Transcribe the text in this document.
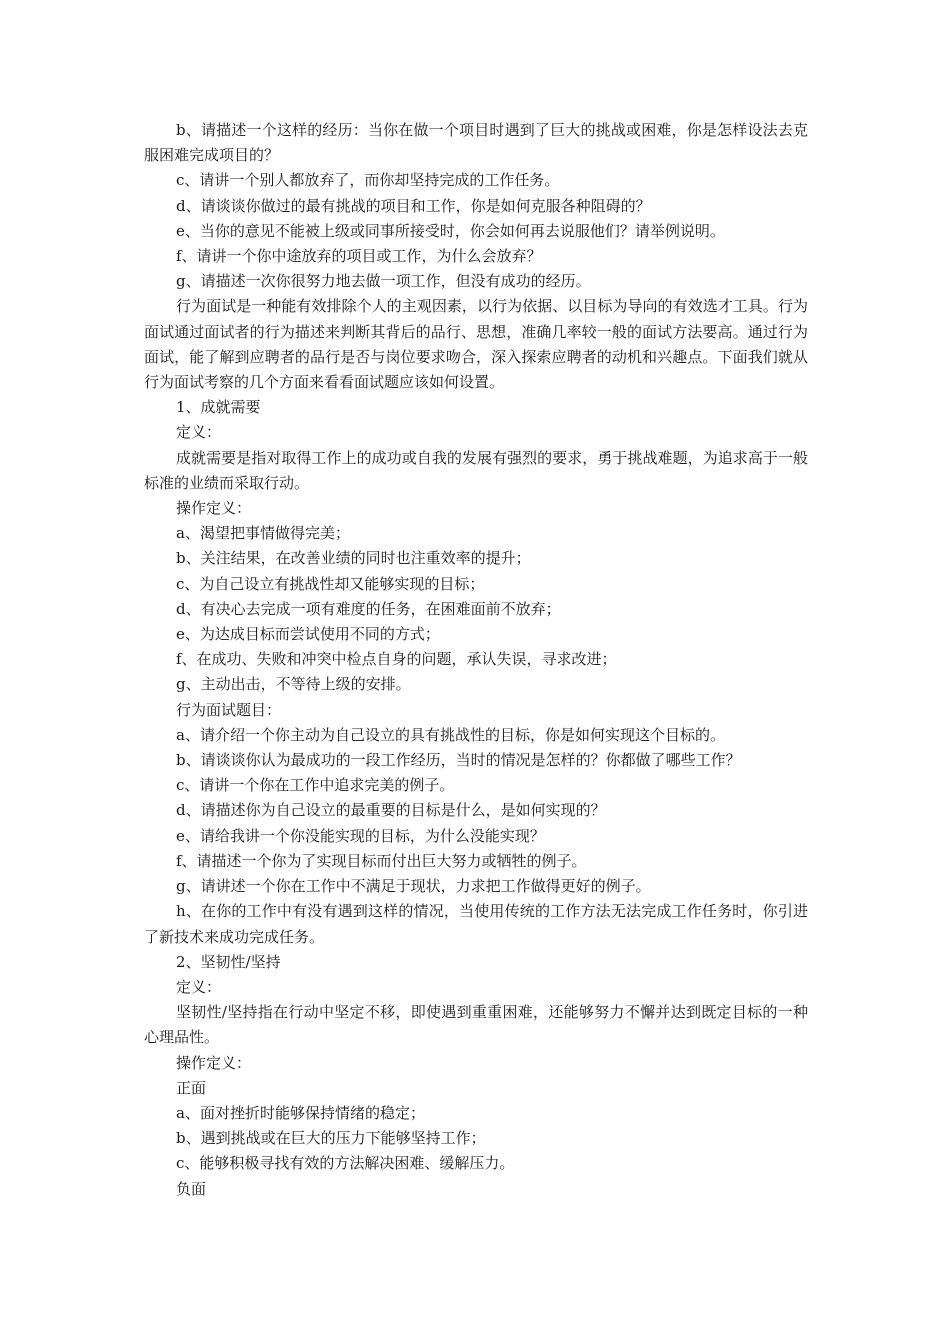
b、请描述一个这样的经历：当你在做一个项目时遇到了巨大的挑战或困难，你是怎样设法去克服困难完成项目的？

c、请讲一个别人都放弃了，而你却坚持完成的工作任务。

d、请谈谈你做过的最有挑战的项目和工作，你是如何克服各种阻碍的？

e、当你的意见不能被上级或同事所接受时，你会如何再去说服他们？请举例说明。

f、请讲一个你中途放弃的项目或工作，为什么会放弃？

g、请描述一次你很努力地去做一项工作，但没有成功的经历。

行为面试是一种能有效排除个人的主观因素，以行为依据、以目标为导向的有效选才工具。行为面试通过面试者的行为描述来判断其背后的品行、思想，准确几率较一般的面试方法要高。通过行为面试，能了解到应聘者的品行是否与岗位要求吻合，深入探索应聘者的动机和兴趣点。下面我们就从行为面试考察的几个方面来看看面试题应该如何设置。

1、成就需要

定义：

成就需要是指对取得工作上的成功或自我的发展有强烈的要求，勇于挑战难题，为追求高于一般标准的业绩而采取行动。

操作定义：

a、渴望把事情做得完美；

b、关注结果，在改善业绩的同时也注重效率的提升；

c、为自己设立有挑战性却又能够实现的目标；

d、有决心去完成一项有难度的任务，在困难面前不放弃；

e、为达成目标而尝试使用不同的方式；

f、在成功、失败和冲突中检点自身的问题，承认失误，寻求改进；

g、主动出击，不等待上级的安排。

行为面试题目：

a、请介绍一个你主动为自己设立的具有挑战性的目标，你是如何实现这个目标的。

b、请谈谈你认为最成功的一段工作经历，当时的情况是怎样的？你都做了哪些工作？

c、请讲一个你在工作中追求完美的例子。

d、请描述你为自己设立的最重要的目标是什么，是如何实现的？

e、请给我讲一个你没能实现的目标，为什么没能实现？

f、请描述一个你为了实现目标而付出巨大努力或牺牲的例子。

g、请讲述一个你在工作中不满足于现状，力求把工作做得更好的例子。

h、在你的工作中有没有遇到这样的情况，当使用传统的工作方法无法完成工作任务时，你引进了新技术来成功完成任务。

2、坚韧性/坚持

定义：

坚韧性/坚持指在行动中坚定不移，即使遇到重重困难，还能够努力不懈并达到既定目标的一种心理品性。

操作定义：

正面

a、面对挫折时能够保持情绪的稳定；

b、遇到挑战或在巨大的压力下能够坚持工作；

c、能够积极寻找有效的方法解决困难、缓解压力。

负面
